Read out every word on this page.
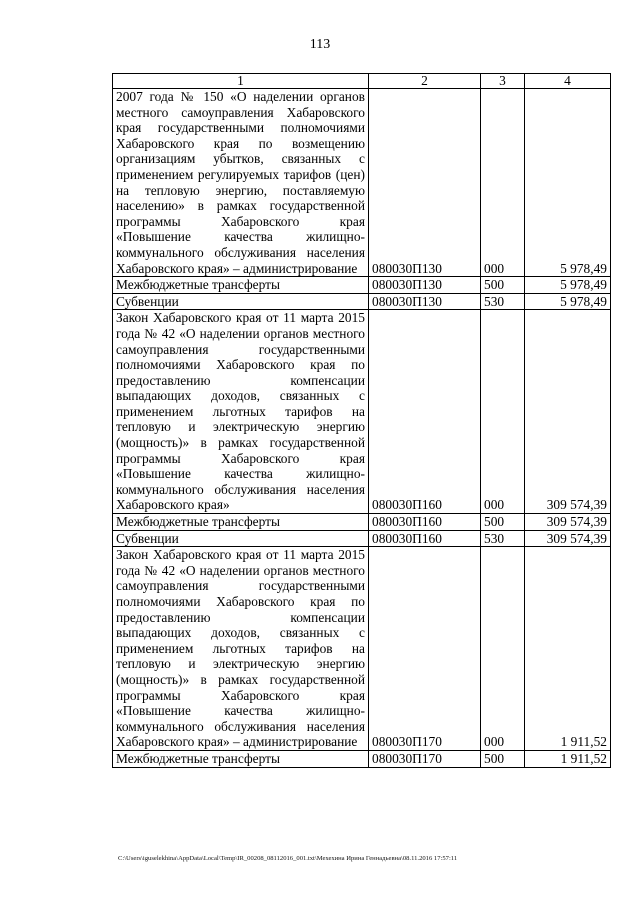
113
1	2	3	4
2007 года № 150 «О наделении органов местного самоуправления Хабаровского края государственными полномочиями Хабаровского края по возмещению организациям убытков, связанных с применением регулируемых тарифов (цен) на тепловую энергию, поставляемую населению» в рамках государственной программы Хабаровского края «Повышение качества жилищно-коммунального обслуживания населения Хабаровского края» – администрирование	080030П130	000	5 978,49
Межбюджетные трансферты	080030П130	500	5 978,49
Субвенции	080030П130	530	5 978,49
Закон Хабаровского края от 11 марта 2015 года № 42 «О наделении органов местного самоуправления государственными полномочиями Хабаровского края по предоставлению компенсации выпадающих доходов, связанных с применением льготных тарифов на тепловую и электрическую энергию (мощность)» в рамках государственной программы Хабаровского края «Повышение качества жилищно-коммунального обслуживания населения Хабаровского края»	080030П160	000	309 574,39
Межбюджетные трансферты	080030П160	500	309 574,39
Субвенции	080030П160	530	309 574,39
Закон Хабаровского края от 11 марта 2015 года № 42 «О наделении органов местного самоуправления государственными полномочиями Хабаровского края по предоставлению компенсации выпадающих доходов, связанных с применением льготных тарифов на тепловую и электрическую энергию (мощность)» в рамках государственной программы Хабаровского края «Повышение качества жилищно-коммунального обслуживания населения Хабаровского края» – администрирование	080030П170	000	1 911,52
Межбюджетные трансферты	080030П170	500	1 911,52
C:\Users\iguselekhina\AppData\Local\Temp\IR_00208_08112016_001.txt\Мехехина Ирина Геннадьевна\08.11.2016 17:57:11
